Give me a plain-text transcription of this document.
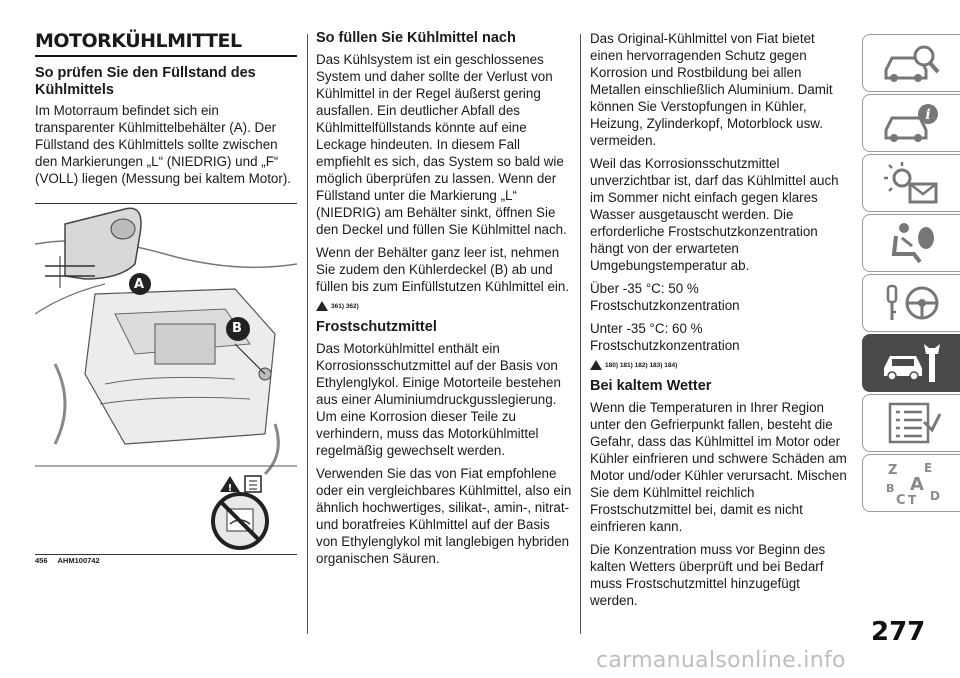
MOTORKÜHLMITTEL
So prüfen Sie den Füllstand des Kühlmittels

Im Motorraum befindet sich ein transparenter Kühlmittelbehälter (A). Der Füllstand des Kühlmittels sollte zwischen den Markierungen „L“ (NIEDRIG) und „F“ (VOLL) liegen (Messung bei kaltem Motor).

!
A
B
456 AHM100742
So füllen Sie Kühlmittel nach

Das Kühlsystem ist ein geschlossenes System und daher sollte der Verlust von Kühlmittel in der Regel äußerst gering ausfallen. Ein deutlicher Abfall des Kühlmittelfüllstands könnte auf eine Leckage hindeuten. In diesem Fall empfiehlt es sich, das System so bald wie möglich überprüfen zu lassen. Wenn der Füllstand unter die Markierung „L“ (NIEDRIG) am Behälter sinkt, öffnen Sie den Deckel und füllen Sie Kühlmittel nach.

Wenn der Behälter ganz leer ist, nehmen Sie zudem den Kühlerdeckel (B) ab und füllen bis zum Einfüllstutzen Kühlmittel ein.

361) 362)
Frostschutzmittel

Das Motorkühlmittel enthält ein Korrosionsschutzmittel auf der Basis von Ethylenglykol. Einige Motorteile bestehen aus einer Aluminiumdruckgusslegierung. Um eine Korrosion dieser Teile zu verhindern, muss das Motorkühlmittel regelmäßig gewechselt werden.

Verwenden Sie das von Fiat empfohlene oder ein vergleichbares Kühlmittel, also ein ähnlich hochwertiges, silikat-, amin-, nitrat- und boratfreies Kühlmittel auf der Basis von Ethylenglykol mit langlebigen hybriden organischen Säuren.

Das Original-Kühlmittel von Fiat bietet einen hervorragenden Schutz gegen Korrosion und Rostbildung bei allen Metallen einschließlich Aluminium. Damit können Sie Verstopfungen in Kühler, Heizung, Zylinderkopf, Motorblock usw. vermeiden.

Weil das Korrosionsschutzmittel unverzichtbar ist, darf das Kühlmittel auch im Sommer nicht einfach gegen klares Wasser ausgetauscht werden. Die erforderliche Frostschutzkonzentration hängt von der erwarteten Umgebungstemperatur ab.

Über -35 °C: 50 % Frostschutzkonzentration

Unter -35 °C: 60 % Frostschutzkonzentration

180) 181) 182) 183) 184)
Bei kaltem Wetter

Wenn die Temperaturen in Ihrer Region unter den Gefrierpunkt fallen, besteht die Gefahr, dass das Kühlmittel im Motor oder Kühler einfrieren und schwere Schäden am Motor und/oder Kühler verursacht. Mischen Sie dem Kühlmittel reichlich Frostschutzmittel bei, damit es nicht einfrieren kann.

Die Konzentration muss vor Beginn des kalten Wetters überprüft und bei Bedarf muss Frostschutzmittel hinzugefügt werden.

i
Z E
A
B
C T D
277
carmanualsonline.info
